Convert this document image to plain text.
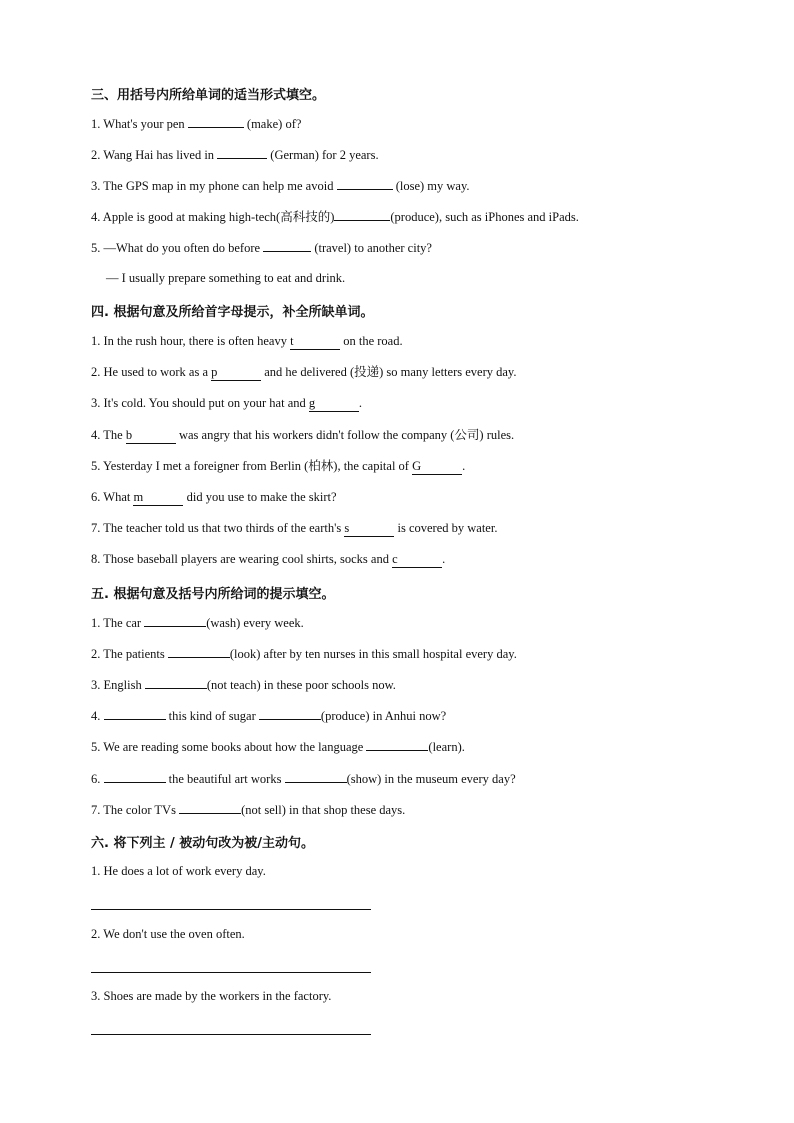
三、用括号内所给单词的适当形式填空。
1. What's your pen	(make) of?
2. Wang Hai has lived in	(German) for 2 years.
3. The GPS map in my phone can help me avoid	(lose) my way.
4. Apple is good at making high-tech(高科技的)	(produce), such as iPhones and iPads.
5. —What do you often do before	(travel) to another city?
— I usually prepare something to eat and drink.
四. 根据句意及所给首字母提示，补全所缺单词。
1. In the rush hour, there is often heavy t	on the road.
2. He used to work as a p	and he delivered (投递) so many letters every day.
3. It's cold. You should put on your hat and g	.
4. The b	was angry that his workers didn't follow the company (公司) rules.
5. Yesterday I met a foreigner from Berlin (柏林), the capital of G	.
6. What m	did you use to make the skirt?
7. The teacher told us that two thirds of the earth's s	is covered by water.
8. Those baseball players are wearing cool shirts, socks and c	.
五. 根据句意及括号内所给词的提示填空。
1. The car	(wash) every week.
2. The patients	(look) after by ten nurses in this small hospital every day.
3. English	(not teach) in these poor schools now.
4.	this kind of sugar	(produce) in Anhui now?
5. We are reading some books about how the language	(learn).
6.	the beautiful art works	(show) in the museum every day?
7. The color TVs	(not sell) in that shop these days.
六. 将下列主 / 被动句改为被/主动句。
1. He does a lot of work every day.
2. We don't use the oven often.
3. Shoes are made by the workers in the factory.
